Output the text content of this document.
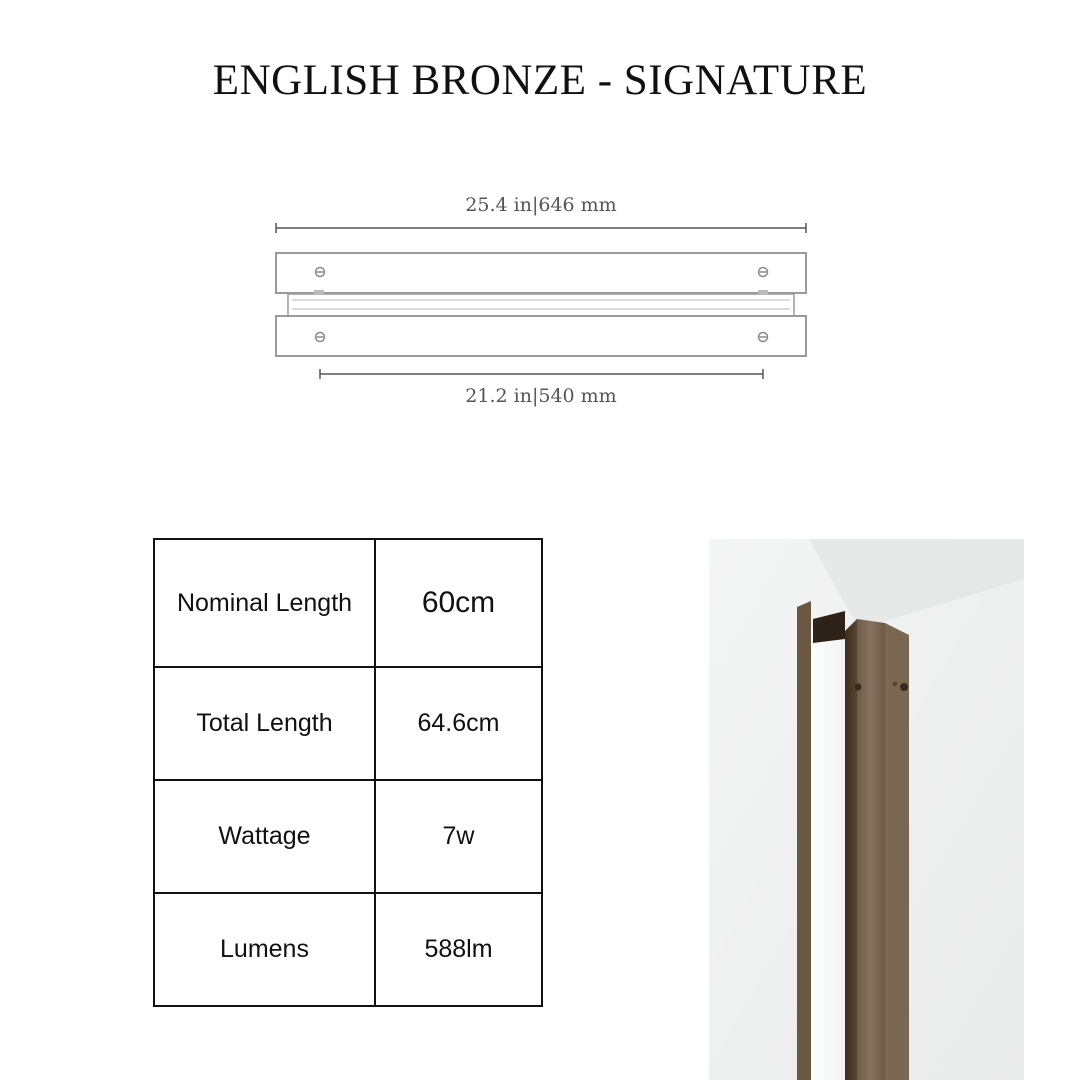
ENGLISH BRONZE - SIGNATURE
25.4 in|646 mm
21.2 in|540 mm
Nominal Length	60cm
Total Length	64.6cm
Wattage	7w
Lumens	588lm
